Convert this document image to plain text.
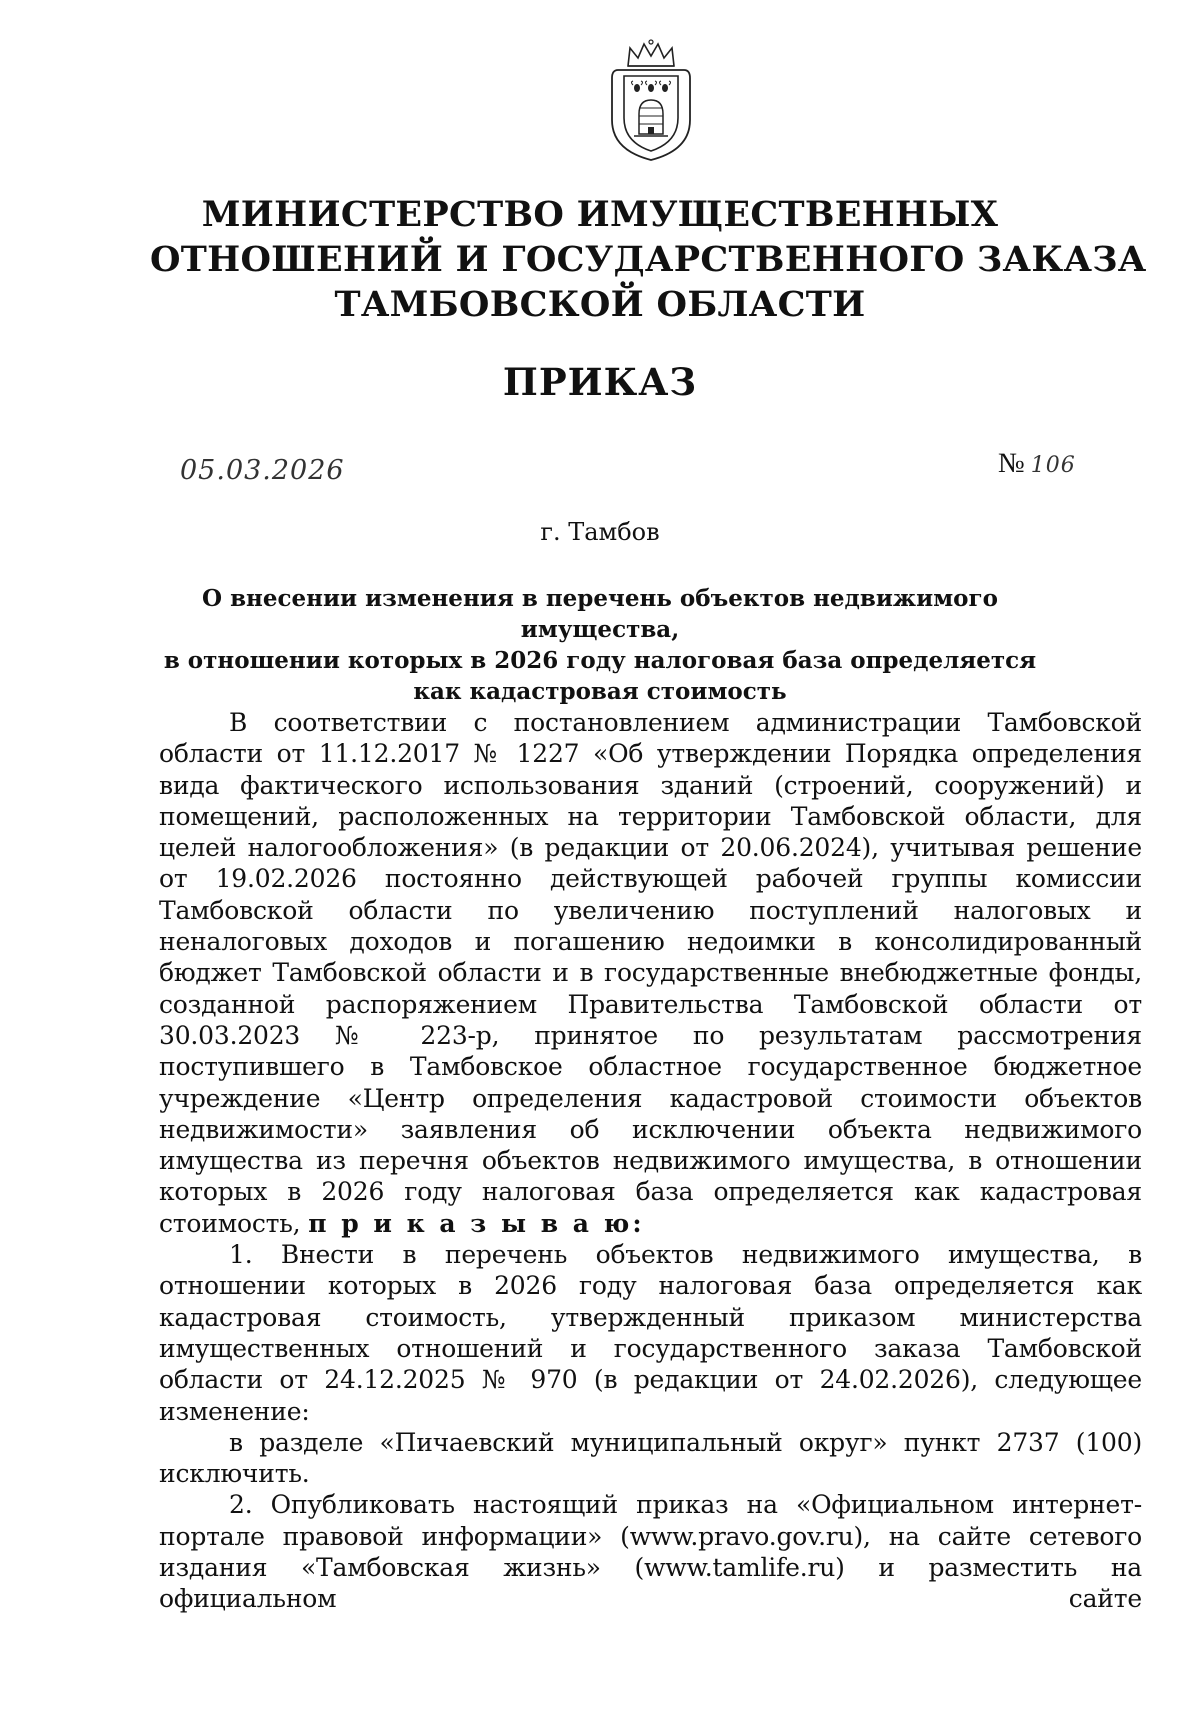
МИНИСТЕРСТВО ИМУЩЕСТВЕННЫХ
ОТНОШЕНИЙ И ГОСУДАРСТВЕННОГО ЗАКАЗА
ТАМБОВСКОЙ ОБЛАСТИ
ПРИКАЗ
05.03.2026	№ 106
г. Тамбов
О внесении изменения в перечень объектов недвижимого имущества,
в отношении которых в 2026 году налоговая база определяется
как кадастровая стоимость

В соответствии с постановлением администрации Тамбовской области от 11.12.2017 № 1227 «Об утверждении Порядка определения вида фактического использования зданий (строений, сооружений) и помещений, расположенных на территории Тамбовской области, для целей налогообложения» (в редакции от 20.06.2024), учитывая решение от 19.02.2026 постоянно действующей рабочей группы комиссии Тамбовской области по увеличению поступлений налоговых и неналоговых доходов и погашению недоимки в консолидированный бюджет Тамбовской области и в государственные внебюджетные фонды, созданной распоряжением Правительства Тамбовской области от 30.03.2023 № 223-р, принятое по результатам рассмотрения поступившего в Тамбовское областное государственное бюджетное учреждение «Центр определения кадастровой стоимости объектов недвижимости» заявления об исключении объекта недвижимого имущества из перечня объектов недвижимого имущества, в отношении которых в 2026 году налоговая база определяется как кадастровая стоимость, п р и к а з ы в а ю:

1. Внести в перечень объектов недвижимого имущества, в отношении которых в 2026 году налоговая база определяется как кадастровая стоимость, утвержденный приказом министерства имущественных отношений и государственного заказа Тамбовской области от 24.12.2025 № 970 (в редакции от 24.02.2026), следующее изменение:

в разделе «Пичаевский муниципальный округ» пункт 2737 (100) исключить.

2. Опубликовать настоящий приказ на «Официальном интернет-портале правовой информации» (www.pravo.gov.ru), на сайте сетевого издания «Тамбовская жизнь» (www.tamlife.ru) и разместить на официальном сайте
